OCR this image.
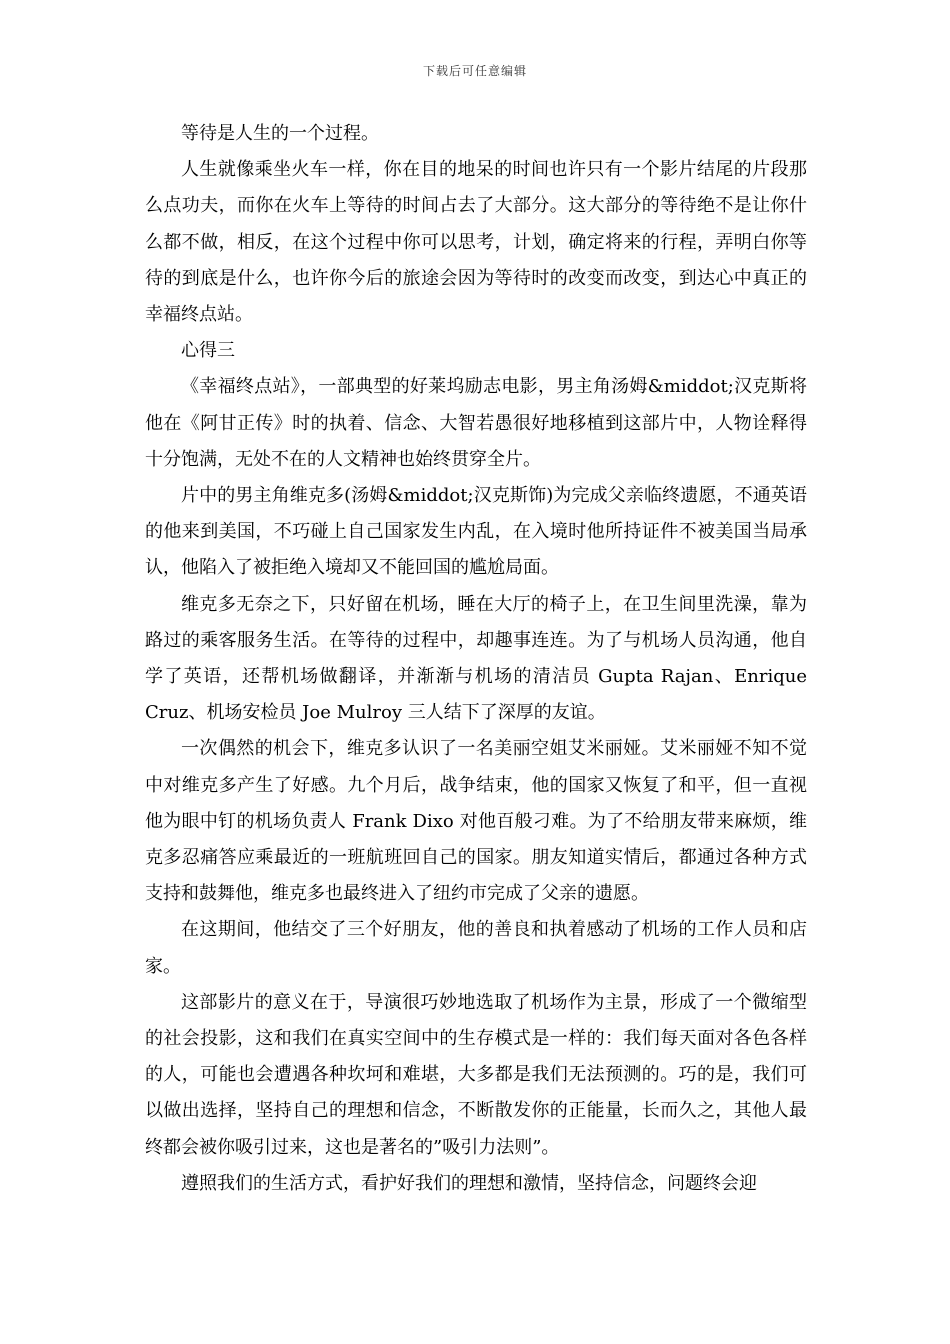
下载后可任意编辑

等待是人生的一个过程。

人生就像乘坐火车一样，你在目的地呆的时间也许只有一个影片结尾的片段那么点功夫，而你在火车上等待的时间占去了大部分。这大部分的等待绝不是让你什么都不做，相反，在这个过程中你可以思考，计划，确定将来的行程，弄明白你等待的到底是什么，也许你今后的旅途会因为等待时的改变而改变，到达心中真正的幸福终点站。

心得三

《幸福终点站》，一部典型的好莱坞励志电影，男主角汤姆&middot;汉克斯将他在《阿甘正传》时的执着、信念、大智若愚很好地移植到这部片中，人物诠释得十分饱满，无处不在的人文精神也始终贯穿全片。

片中的男主角维克多(汤姆&middot;汉克斯饰)为完成父亲临终遗愿，不通英语的他来到美国，不巧碰上自己国家发生内乱，在入境时他所持证件不被美国当局承认，他陷入了被拒绝入境却又不能回国的尴尬局面。

维克多无奈之下，只好留在机场，睡在大厅的椅子上，在卫生间里洗澡，靠为路过的乘客服务生活。在等待的过程中，却趣事连连。为了与机场人员沟通，他自学了英语，还帮机场做翻译，并渐渐与机场的清洁员 Gupta Rajan、Enrique Cruz、机场安检员 Joe Mulroy 三人结下了深厚的友谊。

一次偶然的机会下，维克多认识了一名美丽空姐艾米丽娅。艾米丽娅不知不觉中对维克多产生了好感。九个月后，战争结束，他的国家又恢复了和平，但一直视他为眼中钉的机场负责人 Frank Dixo 对他百般刁难。为了不给朋友带来麻烦，维克多忍痛答应乘最近的一班航班回自己的国家。朋友知道实情后，都通过各种方式支持和鼓舞他，维克多也最终进入了纽约市完成了父亲的遗愿。

在这期间，他结交了三个好朋友，他的善良和执着感动了机场的工作人员和店家。

这部影片的意义在于，导演很巧妙地选取了机场作为主景，形成了一个微缩型的社会投影，这和我们在真实空间中的生存模式是一样的：我们每天面对各色各样的人，可能也会遭遇各种坎坷和难堪，大多都是我们无法预测的。巧的是，我们可以做出选择，坚持自己的理想和信念，不断散发你的正能量，长而久之，其他人最终都会被你吸引过来，这也是著名的”吸引力法则”。

遵照我们的生活方式，看护好我们的理想和激情，坚持信念，问题终会迎
